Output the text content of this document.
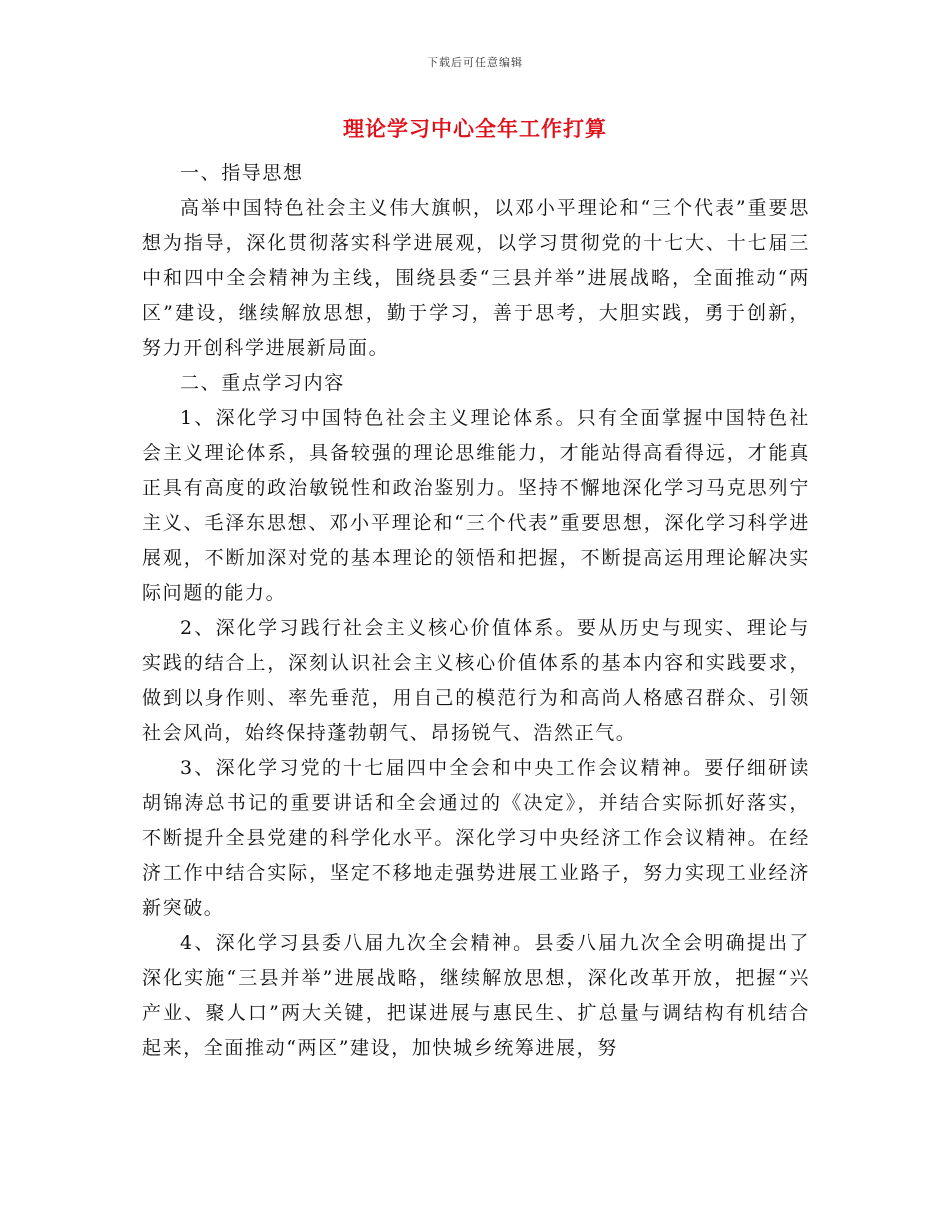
下载后可任意编辑
理论学习中心全年工作打算

一、指导思想

高举中国特色社会主义伟大旗帜，以邓小平理论和“三个代表”重要思想为指导，深化贯彻落实科学进展观，以学习贯彻党的十七大、十七届三中和四中全会精神为主线，围绕县委“三县并举”进展战略，全面推动“两区”建设，继续解放思想，勤于学习，善于思考，大胆实践，勇于创新，努力开创科学进展新局面。

二、重点学习内容

1、深化学习中国特色社会主义理论体系。只有全面掌握中国特色社会主义理论体系，具备较强的理论思维能力，才能站得高看得远，才能真正具有高度的政治敏锐性和政治鉴别力。坚持不懈地深化学习马克思列宁主义、毛泽东思想、邓小平理论和“三个代表”重要思想，深化学习科学进展观，不断加深对党的基本理论的领悟和把握，不断提高运用理论解决实际问题的能力。

2、深化学习践行社会主义核心价值体系。要从历史与现实、理论与实践的结合上，深刻认识社会主义核心价值体系的基本内容和实践要求，做到以身作则、率先垂范，用自己的模范行为和高尚人格感召群众、引领社会风尚，始终保持蓬勃朝气、昂扬锐气、浩然正气。

3、深化学习党的十七届四中全会和中央工作会议精神。要仔细研读胡锦涛总书记的重要讲话和全会通过的《决定》，并结合实际抓好落实，不断提升全县党建的科学化水平。深化学习中央经济工作会议精神。在经济工作中结合实际，坚定不移地走强势进展工业路子，努力实现工业经济新突破。

4、深化学习县委八届九次全会精神。县委八届九次全会明确提出了深化实施“三县并举”进展战略，继续解放思想，深化改革开放，把握“兴产业、聚人口”两大关键，把谋进展与惠民生、扩总量与调结构有机结合起来，全面推动“两区”建设，加快城乡统筹进展，努
